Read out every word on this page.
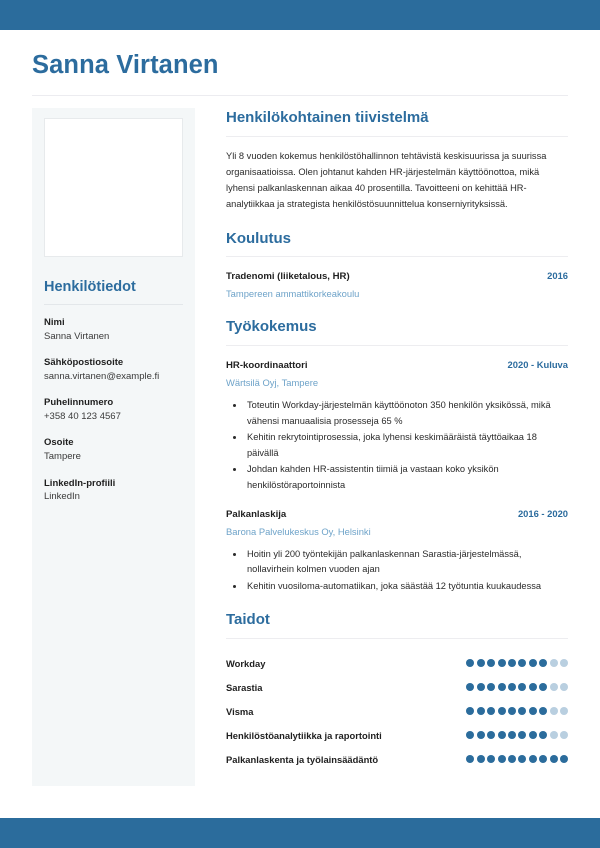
Sanna Virtanen
Henkilötiedot
Nimi
Sanna Virtanen
Sähköpostiosoite
sanna.virtanen@example.fi
Puhelinnumero
+358 40 123 4567
Osoite
Tampere
LinkedIn-profiili
LinkedIn
Henkilökohtainen tiivistelmä

Yli 8 vuoden kokemus henkilöstöhallinnon tehtävistä keskisuurissa ja suurissa organisaatioissa. Olen johtanut kahden HR-järjestelmän käyttöönottoa, mikä lyhensi palkanlaskennan aikaa 40 prosentilla. Tavoitteeni on kehittää HR-analytiikkaa ja strategista henkilöstösuunnittelua konserniyrityksissä.

Koulutus
Tradenomi (liiketalous, HR)	2016
Tampereen ammattikorkeakoulu
Työkokemus
HR-koordinaattori	2020 - Kuluva
Wärtsilä Oyj, Tampere
• Toteutin Workday-järjestelmän käyttöönoton 350 henkilön yksikössä, mikä vähensi manuaalisia prosesseja 65 %
• Kehitin rekrytointiprosessia, joka lyhensi keskimääräistä täyttöaikaa 18 päivällä
• Johdan kahden HR-assistentin tiimiä ja vastaan koko yksikön henkilöstöraportoinnista
Palkanlaskija	2016 - 2020
Barona Palvelukeskus Oy, Helsinki
• Hoitin yli 200 työntekijän palkanlaskennan Sarastia-järjestelmässä, nollavirhein kolmen vuoden ajan
• Kehitin vuosiloma-automatiikan, joka säästää 12 työtuntia kuukaudessa
Taidot
Workday
Sarastia
Visma
Henkilöstöanalytiikka ja raportointi
Palkanlaskenta ja työlainsäädäntö
